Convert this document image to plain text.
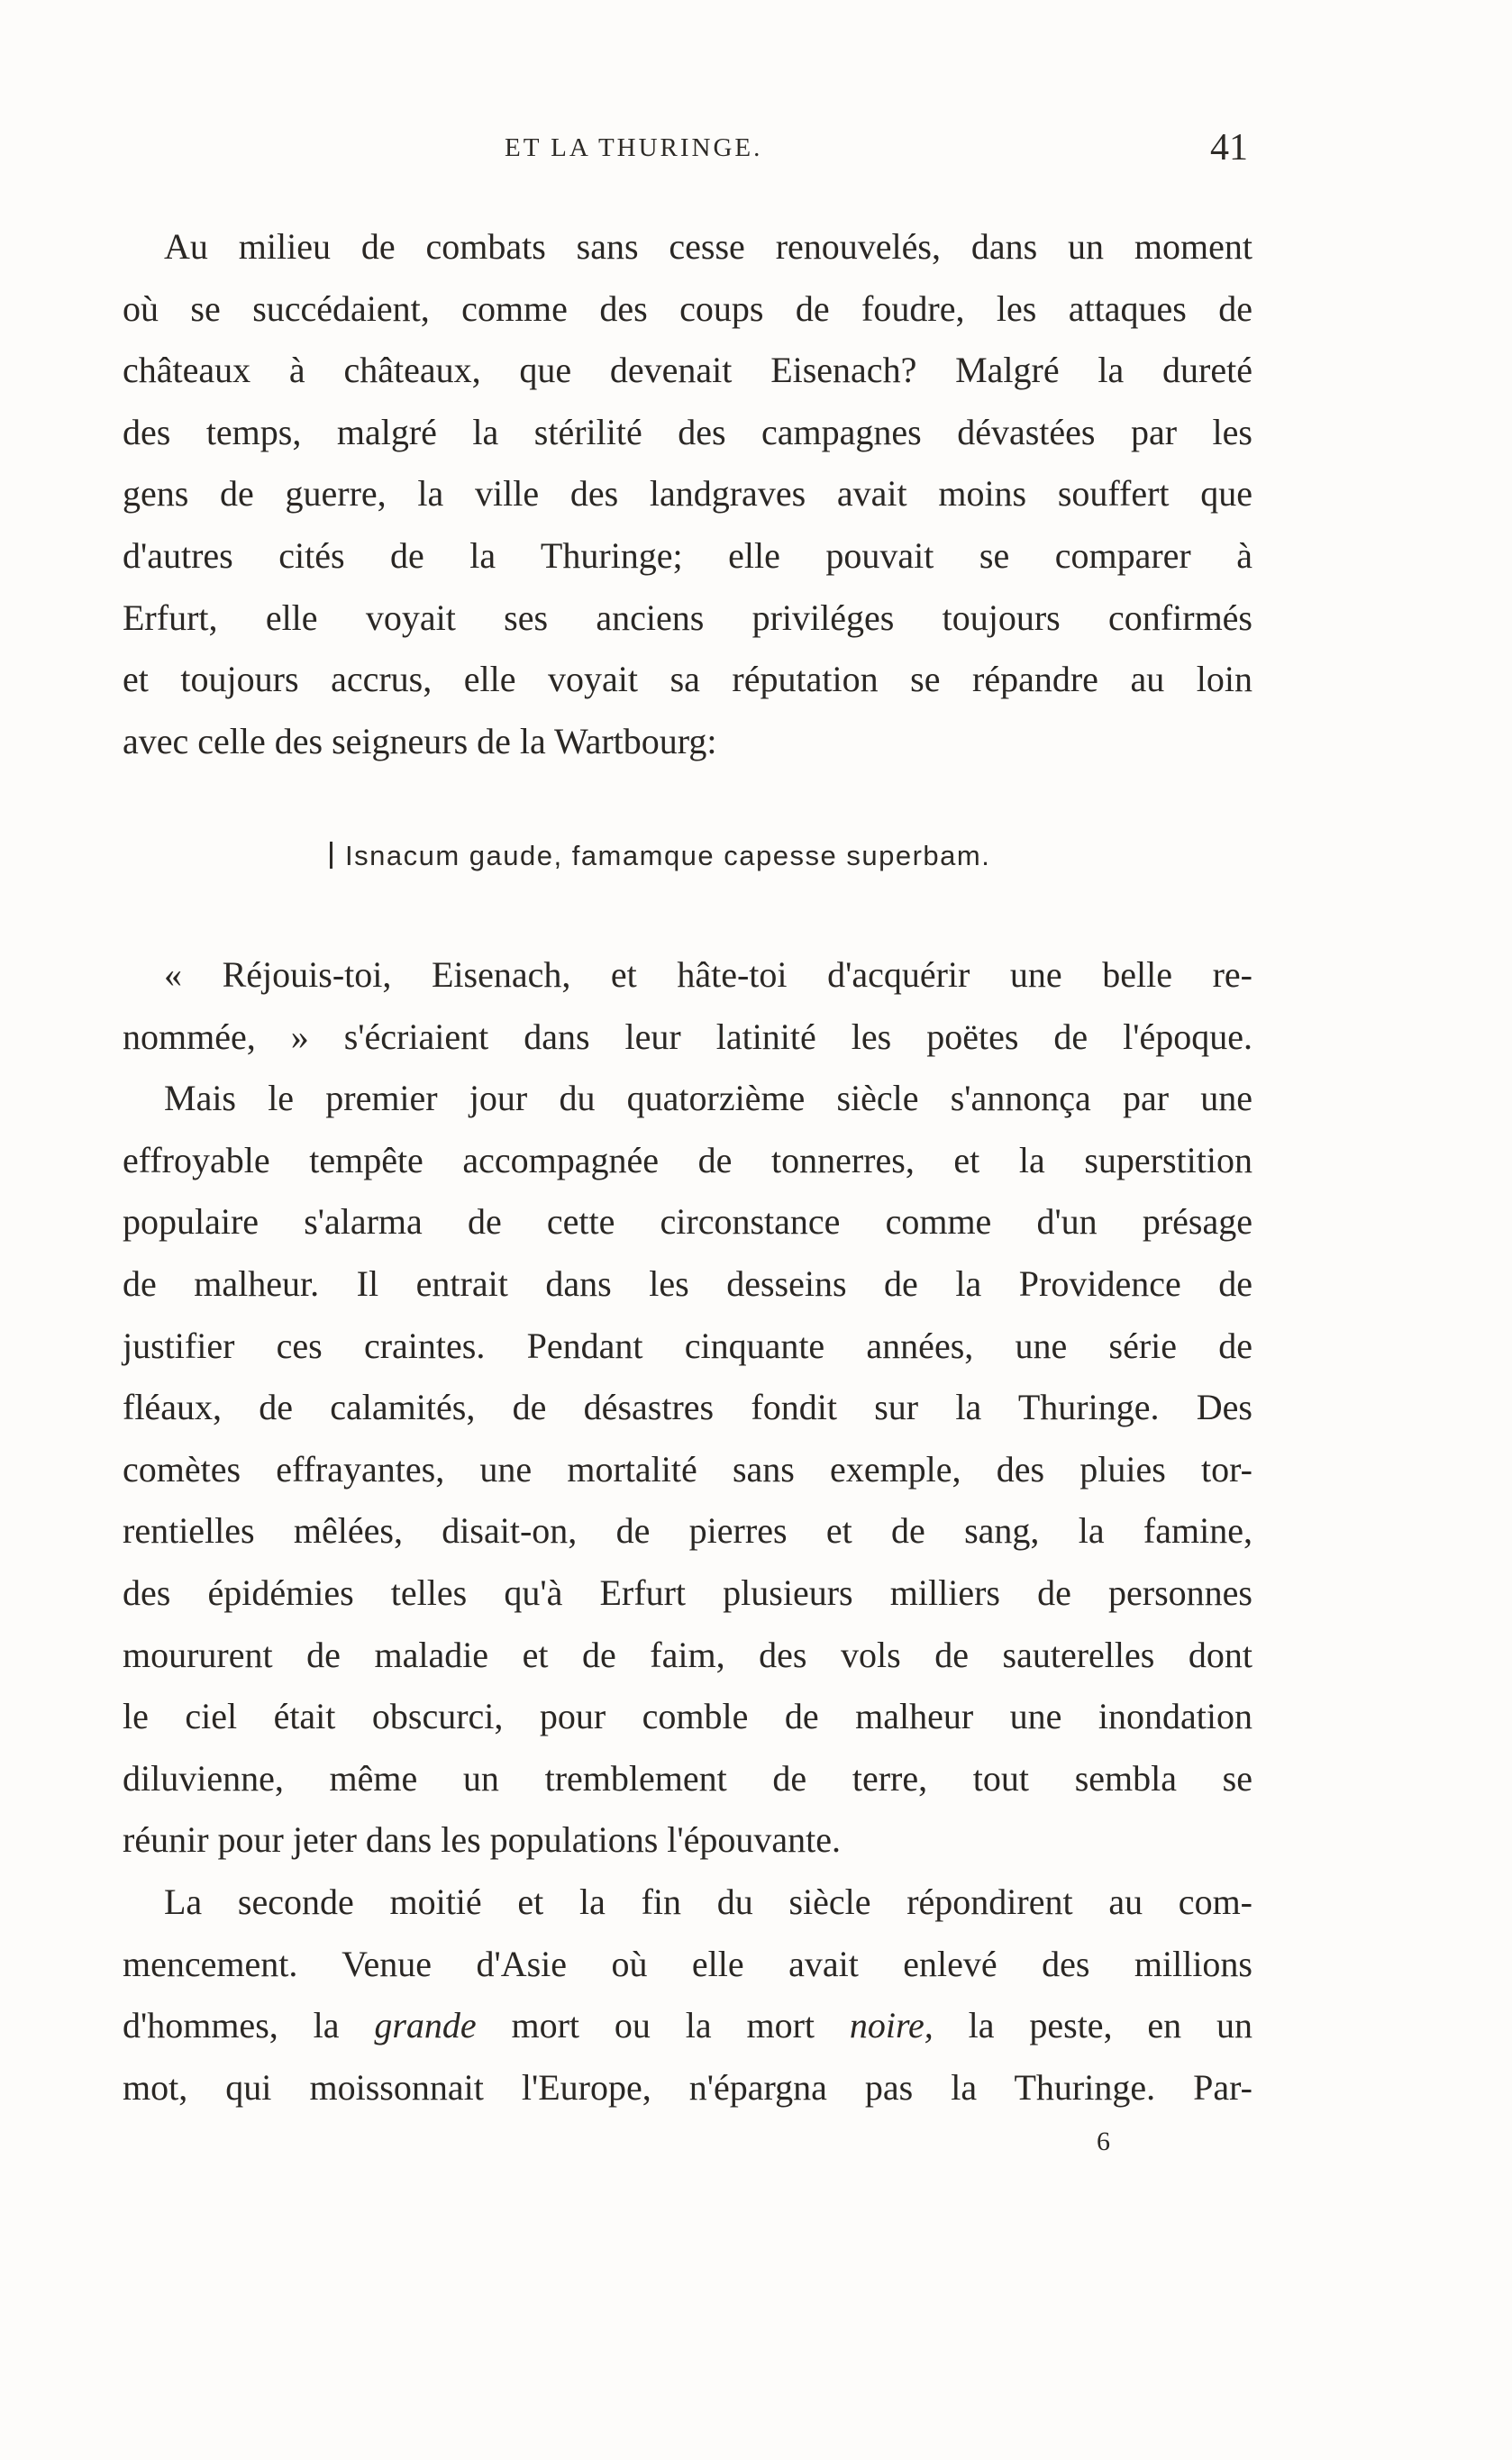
ET LA THURINGE.	41
Au milieu de combats sans cesse renouvelés, dans un moment
où se succédaient, comme des coups de foudre, les attaques de
châteaux à châteaux, que devenait Eisenach? Malgré la dureté
des temps, malgré la stérilité des campagnes dévastées par les
gens de guerre, la ville des landgraves avait moins souffert que
d'autres cités de la Thuringe; elle pouvait se comparer à
Erfurt, elle voyait ses anciens priviléges toujours confirmés
et toujours accrus, elle voyait sa réputation se répandre au loin
avec celle des seigneurs de la Wartbourg:
Isnacum gaude, famamque capesse superbam.
« Réjouis-toi, Eisenach, et hâte-toi d'acquérir une belle re-
nommée, » s'écriaient dans leur latinité les poëtes de l'époque.
Mais le premier jour du quatorzième siècle s'annonça par une
effroyable tempête accompagnée de tonnerres, et la superstition
populaire s'alarma de cette circonstance comme d'un présage
de malheur. Il entrait dans les desseins de la Providence de
justifier ces craintes. Pendant cinquante années, une série de
fléaux, de calamités, de désastres fondit sur la Thuringe. Des
comètes effrayantes, une mortalité sans exemple, des pluies tor-
rentielles mêlées, disait-on, de pierres et de sang, la famine,
des épidémies telles qu'à Erfurt plusieurs milliers de personnes
moururent de maladie et de faim, des vols de sauterelles dont
le ciel était obscurci, pour comble de malheur une inondation
diluvienne, même un tremblement de terre, tout sembla se
réunir pour jeter dans les populations l'épouvante.
La seconde moitié et la fin du siècle répondirent au com-
mencement. Venue d'Asie où elle avait enlevé des millions
d'hommes, la grande mort ou la mort noire, la peste, en un
mot, qui moissonnait l'Europe, n'épargna pas la Thuringe. Par-
6
